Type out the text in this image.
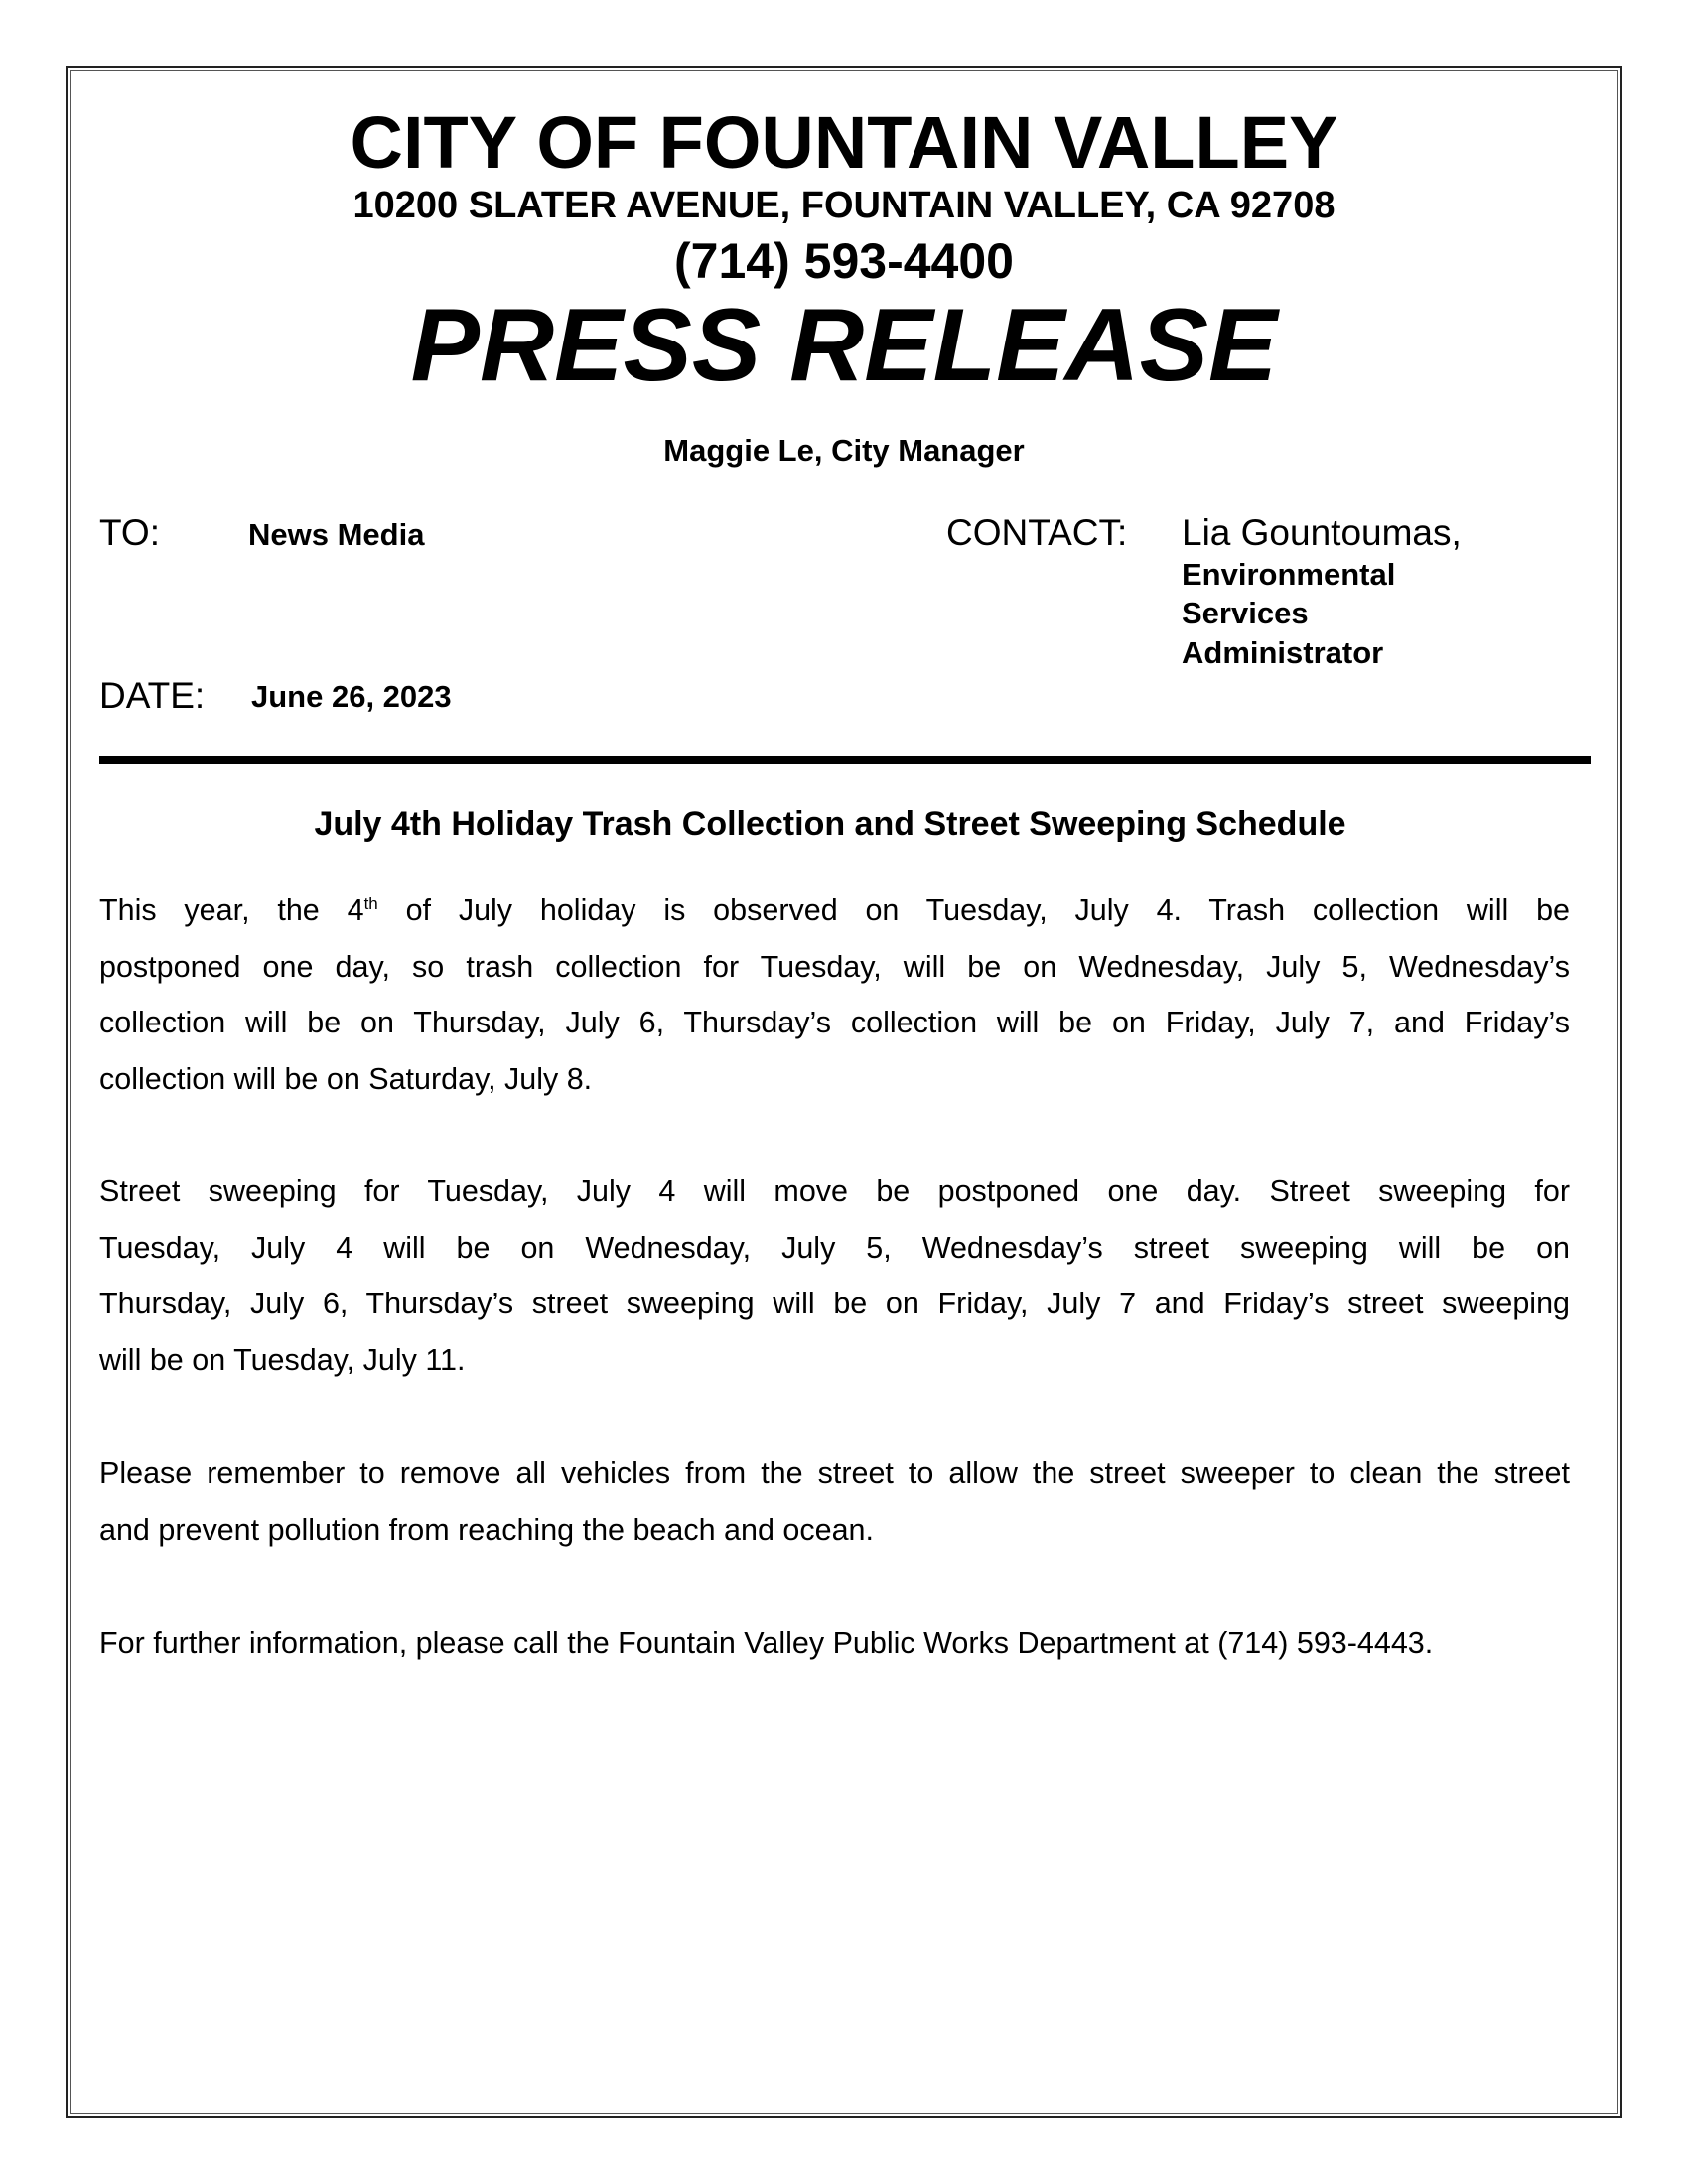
CITY OF FOUNTAIN VALLEY
10200 SLATER AVENUE, FOUNTAIN VALLEY, CA 92708
(714) 593-4400
PRESS RELEASE
Maggie Le, City Manager
TO:	News Media	CONTACT: Lia Gountoumas,
Environmental
Services
Administrator
DATE: June 26, 2023
July 4th Holiday Trash Collection and Street Sweeping Schedule
This year, the 4th of July holiday is observed on Tuesday, July 4. Trash collection will be
postponed one day, so trash collection for Tuesday, will be on Wednesday, July 5, Wednesday’s
collection will be on Thursday, July 6, Thursday’s collection will be on Friday, July 7, and Friday’s
collection will be on Saturday, July 8.
Street sweeping for Tuesday, July 4 will move be postponed one day. Street sweeping for
Tuesday, July 4 will be on Wednesday, July 5, Wednesday’s street sweeping will be on
Thursday, July 6, Thursday’s street sweeping will be on Friday, July 7 and Friday’s street sweeping
will be on Tuesday, July 11.
Please remember to remove all vehicles from the street to allow the street sweeper to clean the street
and prevent pollution from reaching the beach and ocean.
For further information, please call the Fountain Valley Public Works Department at (714) 593-4443.
